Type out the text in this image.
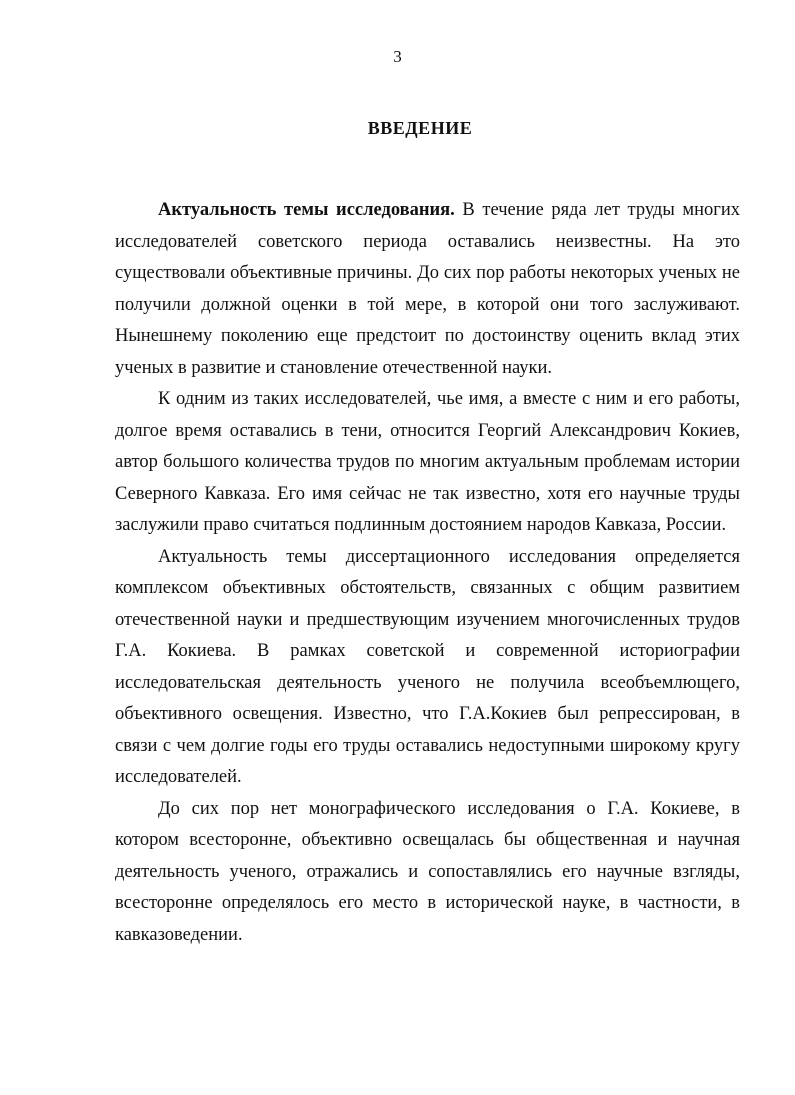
3
ВВЕДЕНИЕ

Актуальность темы исследования. В течение ряда лет труды многих исследователей советского периода оставались неизвестны. На это существовали объективные причины. До сих пор работы некоторых ученых не получили должной оценки в той мере, в которой они того заслуживают. Нынешнему поколению еще предстоит по достоинству оценить вклад этих ученых в развитие и становление отечественной науки.

К одним из таких исследователей, чье имя, а вместе с ним и его работы, долгое время оставались в тени, относится Георгий Александрович Кокиев, автор большого количества трудов по многим актуальным проблемам истории Северного Кавказа. Его имя сейчас не так известно, хотя его научные труды заслужили право считаться подлинным достоянием народов Кавказа, России.

Актуальность темы диссертационного исследования определяется комплексом объективных обстоятельств, связанных с общим развитием отечественной науки и предшествующим изучением многочисленных трудов Г.А. Кокиева. В рамках советской и современной историографии исследовательская деятельность ученого не получила всеобъемлющего, объективного освещения. Известно, что Г.А.Кокиев был репрессирован, в связи с чем долгие годы его труды оставались недоступными широкому кругу исследователей.

До сих пор нет монографического исследования о Г.А. Кокиеве, в котором всесторонне, объективно освещалась бы общественная и научная деятельность ученого, отражались и сопоставлялись его научные взгляды, всесторонне определялось его место в исторической науке, в частности, в кавказоведении.
